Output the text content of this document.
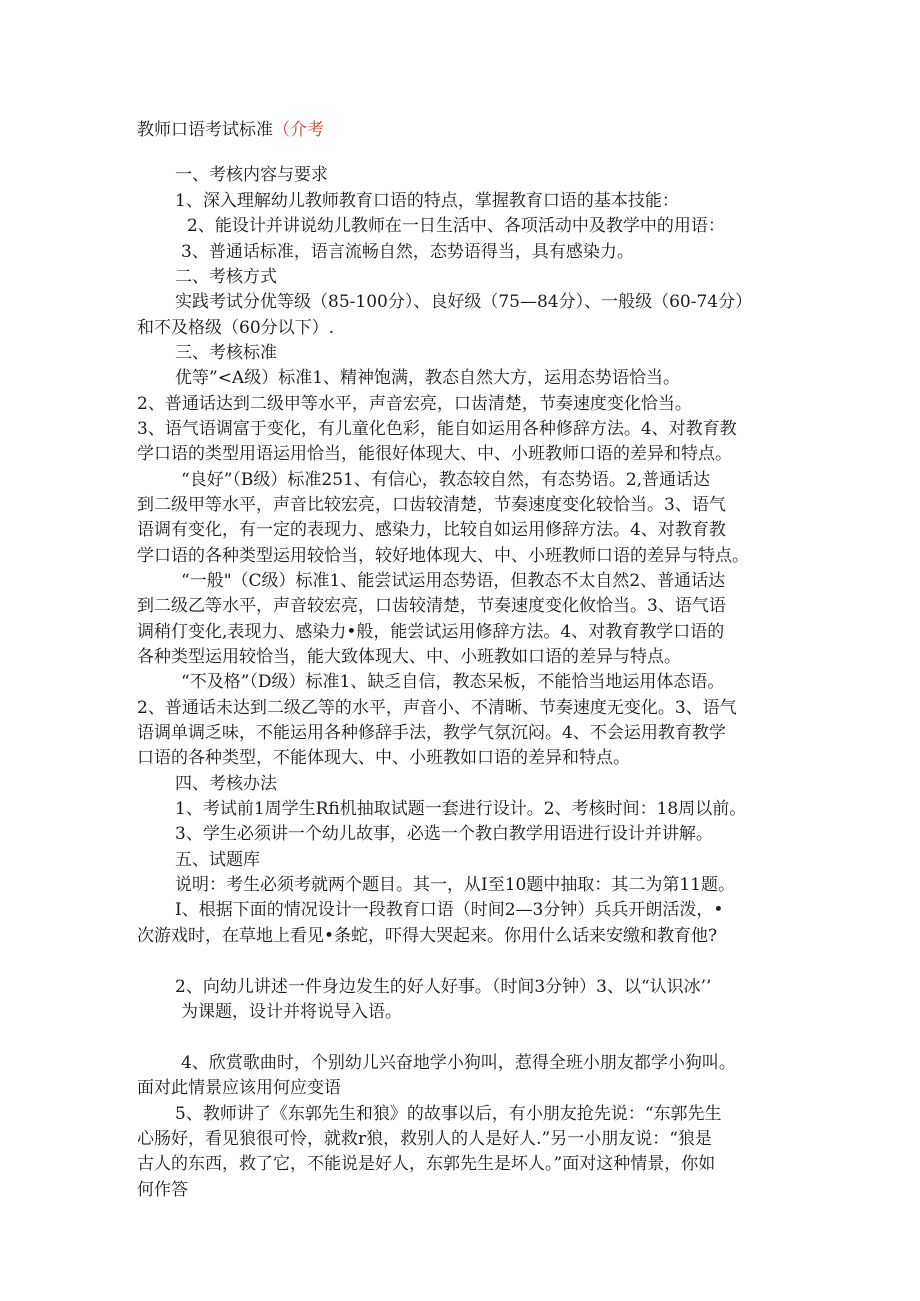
教师口语考试标准（介考
一、考核内容与要求
1、深入理解幼儿教师教育口语的特点，掌握教育口语的基本技能：
2、能设计并讲说幼儿教师在一日生活中、各项活动中及教学中的用语：
3、普通话标准，语言流畅自然，态势语得当，具有感染力。
二、考核方式
实践考试分优等级（85-100分）、良好级（75—84分）、一般级（60-74分）
和不及格级（60分以下）.
三、考核标准
优等”<A级）标准1、精神饱满，教态自然大方，运用态势语恰当。
2、普通话达到二级甲等水平，声音宏亮，口齿清楚，节奏速度变化恰当。
3、语气语调富于变化，有儿童化色彩，能自如运用各种修辞方法。4、对教育教
学口语的类型用语运用恰当，能很好体现大、中、小班教师口语的差异和特点。
“良好”（B级）标准251、有信心，教态较自然，有态势语。2,普通话达
到二级甲等水平，声音比较宏亮，口齿较清楚，节奏速度变化较恰当。3、语气
语调有变化，有一定的表现力、感染力，比较自如运用修辞方法。4、对教育教
学口语的各种类型运用较恰当，较好地体现大、中、小班教师口语的差异与特点。
“一般"（C级）标准1、能尝试运用态势语，但教态不太自然2、普通话达
到二级乙等水平，声音较宏亮，口齿较清楚，节奏速度变化攸恰当。3、语气语
调稍仃变化,表现力、感染力•般，能尝试运用修辞方法。4、对教育教学口语的
各种类型运用较恰当，能大致体现大、中、小班教如口语的差异与特点。
“不及格”（D级）标准1、缺乏自信，教态呆板，不能恰当地运用体态语。
2、普通话未达到二级乙等的水平，声音小、不清晰、节奏速度无变化。3、语气
语调单调乏味，不能运用各种修辞手法，教学气氛沉闷。4、不会运用教育教学
口语的各种类型，不能体现大、中、小班教如口语的差异和特点。
四、考核办法
1、考试前1周学生Rfi机抽取试题一套进行设计。2、考核时间：18周以前。
3、学生必须讲一个幼儿故事，必选一个教白教学用语进行设计并讲解。
五、试题库
说明：考生必须考就两个题目。其一，从I至10题中抽取：其二为第11题。
I、根据下面的情况设计一段教育口语（时间2—3分钟）兵兵开朗活泼，•
次游戏时，在草地上看见•条蛇，吓得大哭起来。你用什么话来安缴和教育他?
2、向幼儿讲述一件身边发生的好人好事。（时间3分钟）3、以“认识冰’’
为课题，设计并将说导入语。
4、欣赏歌曲时，个别幼儿兴奋地学小狗叫，惹得全班小朋友都学小狗叫。
面对此情景应该用何应变语
5、教师讲了《东郭先生和狼》的故事以后，有小朋友抢先说：“东郭先生
心肠好，看见狼很可怜，就救r狼，救别人的人是好人.”另一小朋友说：“狼是
古人的东西，救了它，不能说是好人，东郭先生是坏人。”面对这种情景，你如
何作答
